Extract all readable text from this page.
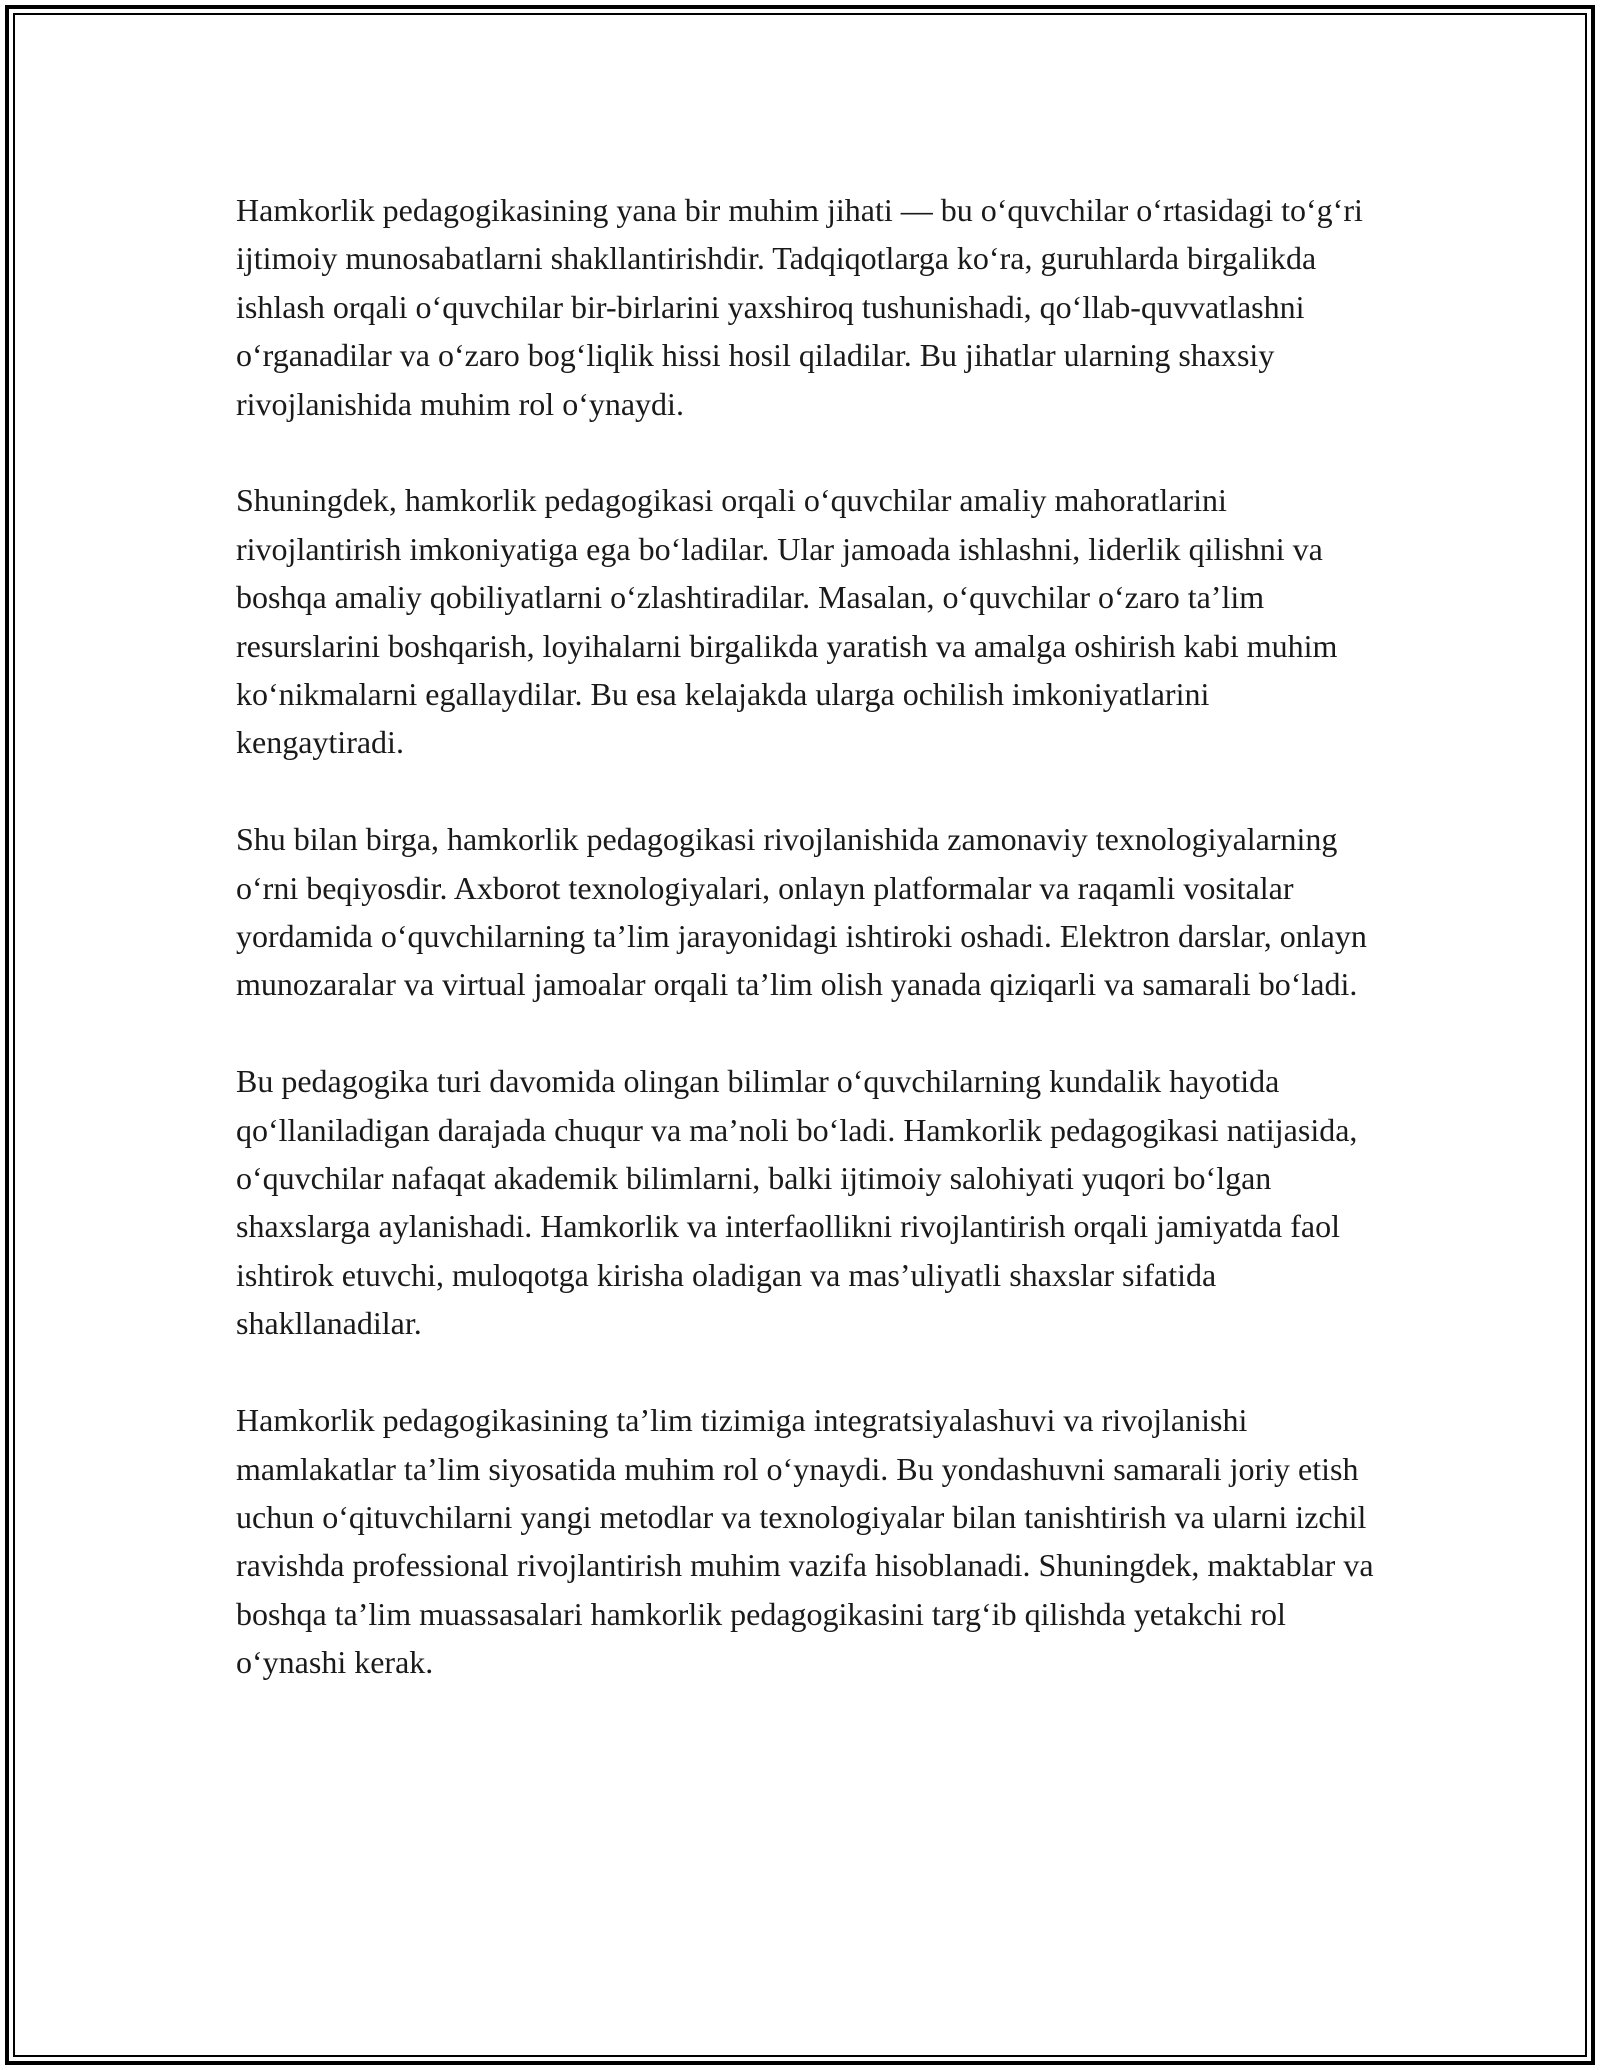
Hamkorlik pedagogikasining yana bir muhim jihati — bu o‘quvchilar o‘rtasidagi to‘g‘ri ijtimoiy munosabatlarni shakllantirishdir. Tadqiqotlarga ko‘ra, guruhlarda birgalikda ishlash orqali o‘quvchilar bir-birlarini yaxshiroq tushunishadi, qo‘llab-quvvatlashni o‘rganadilar va o‘zaro bog‘liqlik hissi hosil qiladilar. Bu jihatlar ularning shaxsiy rivojlanishida muhim rol o‘ynaydi.

Shuningdek, hamkorlik pedagogikasi orqali o‘quvchilar amaliy mahoratlarini rivojlantirish imkoniyatiga ega bo‘ladilar. Ular jamoada ishlashni, liderlik qilishni va boshqa amaliy qobiliyatlarni o‘zlashtiradilar. Masalan, o‘quvchilar o‘zaro ta’lim resurslarini boshqarish, loyihalarni birgalikda yaratish va amalga oshirish kabi muhim ko‘nikmalarni egallaydilar. Bu esa kelajakda ularga ochilish imkoniyatlarini kengaytiradi.

Shu bilan birga, hamkorlik pedagogikasi rivojlanishida zamonaviy texnologiyalarning o‘rni beqiyosdir. Axborot texnologiyalari, onlayn platformalar va raqamli vositalar yordamida o‘quvchilarning ta’lim jarayonidagi ishtiroki oshadi. Elektron darslar, onlayn munozaralar va virtual jamoalar orqali ta’lim olish yanada qiziqarli va samarali bo‘ladi.

Bu pedagogika turi davomida olingan bilimlar o‘quvchilarning kundalik hayotida qo‘llaniladigan darajada chuqur va ma’noli bo‘ladi. Hamkorlik pedagogikasi natijasida, o‘quvchilar nafaqat akademik bilimlarni, balki ijtimoiy salohiyati yuqori bo‘lgan shaxslarga aylanishadi. Hamkorlik va interfaollikni rivojlantirish orqali jamiyatda faol ishtirok etuvchi, muloqotga kirisha oladigan va mas’uliyatli shaxslar sifatida shakllanadilar.

Hamkorlik pedagogikasining ta’lim tizimiga integratsiyalashuvi va rivojlanishi mamlakatlar ta’lim siyosatida muhim rol o‘ynaydi. Bu yondashuvni samarali joriy etish uchun o‘qituvchilarni yangi metodlar va texnologiyalar bilan tanishtirish va ularni izchil ravishda professional rivojlantirish muhim vazifa hisoblanadi. Shuningdek, maktablar va boshqa ta’lim muassasalari hamkorlik pedagogikasini targ‘ib qilishda yetakchi rol o‘ynashi kerak.
